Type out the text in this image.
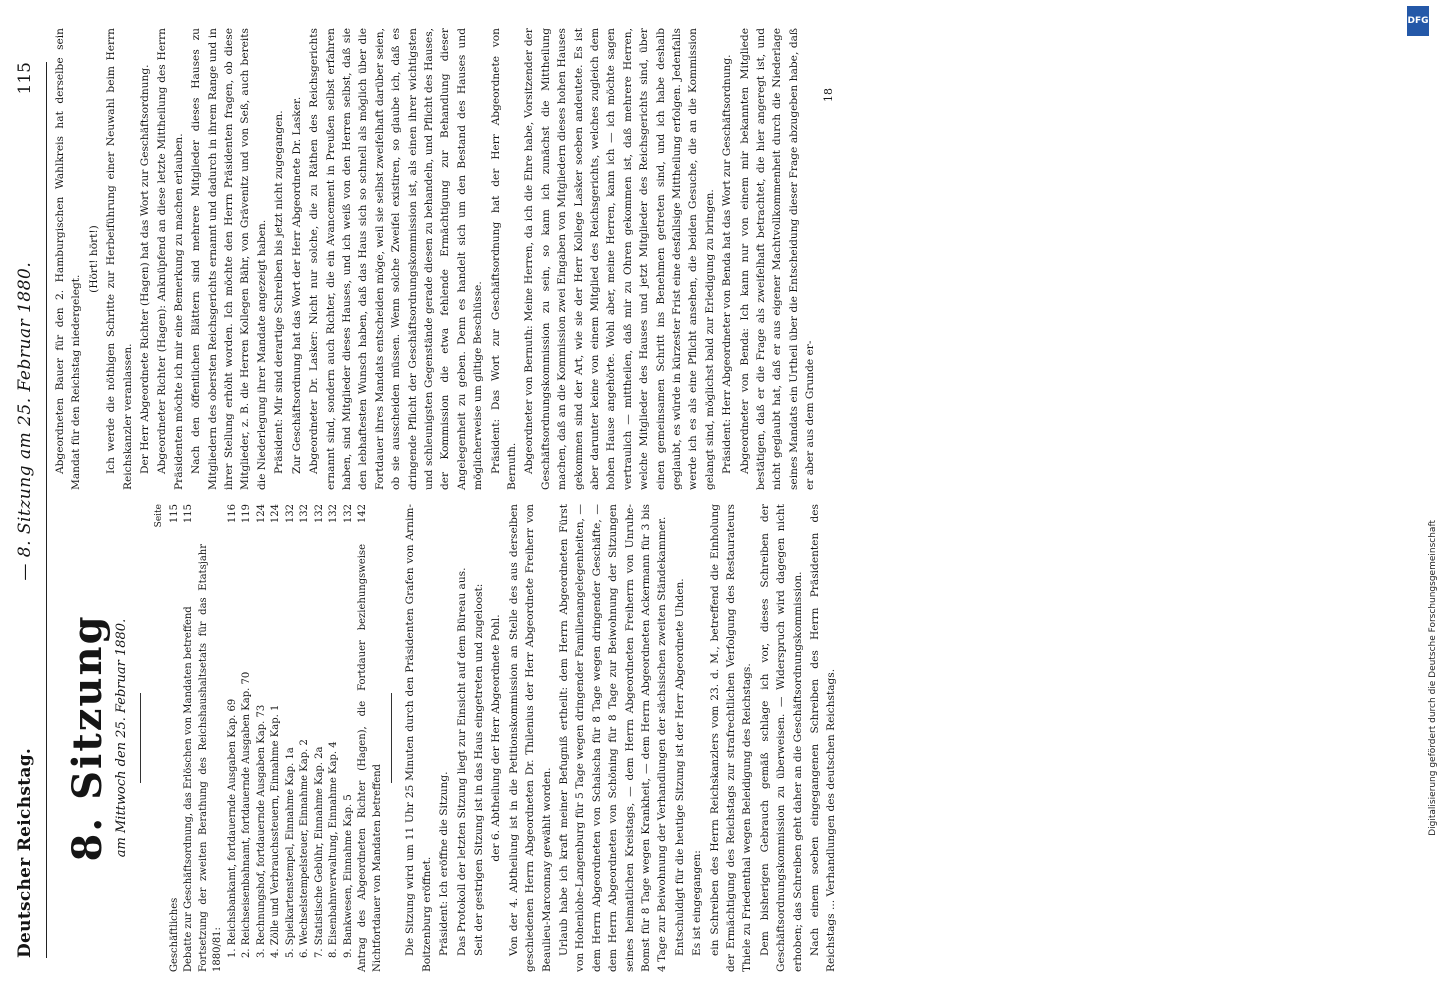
Deutscher Reichstag.
— 8. Sitzung am 25. Februar 1880.
115
8. Sitzung am Mittwoch den 25. Februar 1880.
Seite
Geschäftliches
115
Debatte zur Geschäftsordnung, das Erlöschen von Mandaten betreffend
115
Fortsetzung der zweiten Berathung des Reichshaushaltsetats für das Etatsjahr 1880/81: 1. Reichsbankamt, fortdauernde Ausgaben Kap. 69
116
2. Reichseisenbahnamt, fortdauernde Ausgaben Kap. 70
119
3. Rechnungshof, fortdauernde Ausgaben Kap. 73
124
4. Zölle und Verbrauchssteuern, Einnahme Kap. 1
124
5. Spielkartenstempel, Einnahme Kap. 1a
132
6. Wechselstempelsteuer, Einnahme Kap. 2
132
7. Statistische Gebühr, Einnahme Kap. 2a
132
8. Eisenbahnverwaltung, Einnahme Kap. 4
132
9. Bankwesen, Einnahme Kap. 5
132
Antrag des Abgeordneten Richter (Hagen), die Fortdauer beziehungsweise Nichtfortdauer von Mandaten betreffend
142	Die Sitzung wird um 11 Uhr 25 Minuten durch den Präsidenten Grafen von Arnim-Boitzenburg eröffnet. Präsident: Ich eröffne die Sitzung. Das Protokoll der letzten Sitzung liegt zur Einsicht auf dem Büreau aus. Seit der gestrigen Sitzung ist in das Haus eingetreten und zugeloost: der 6. Abtheilung der Herr Abgeordnete Pohl. Von der 4. Abtheilung ist in die Petitionskommission an Stelle des aus derselben geschiedenen Herrn Abgeordneten Dr. Thilenius der Herr Abgeordnete Freiherr von Beaulieu-Marconnay gewählt worden. Urlaub habe ich kraft meiner Befugniß ertheilt: dem Herrn Abgeordneten Fürst von Hohenlohe-Langenburg für 5 Tage wegen dringender Familienangelegenheiten, — dem Herrn Abgeordneten von Schalscha für 8 Tage wegen dringender Geschäfte, — dem Herrn Abgeordneten von Schöning für 8 Tage zur Beiwohnung der Sitzungen seines heimatlichen Kreistags, — dem Herrn Abgeordneten Freiherrn von Unruhe-Bomst für 8 Tage wegen Krankheit, — dem Herrn Abgeordneten Ackermann für 3 bis 4 Tage zur Beiwohnung der Verhandlungen der sächsischen zweiten Ständekammer. Entschuldigt für die heutige Sitzung ist der Herr Abgeordnete Uhden. Es ist eingegangen: ein Schreiben des Herrn Reichskanzlers vom 23. d. M., betreffend die Einholung der Ermächtigung des Reichstags zur strafrechtlichen Verfolgung des Restaurateurs Thiele zu Friedenthal wegen Beleidigung des Reichstags. Dem bisherigen Gebrauch gemäß schlage ich vor, dieses Schreiben der Geschäftsordnungskommission zu überweisen. — Widerspruch wird dagegen nicht erhoben; das Schreiben geht daher an die Geschäftsordnungskommission. Nach einem soeben eingegangenen Schreiben des Herrn Präsidenten des Reichstags ... Verhandlungen des deutschen Reichstags.

Abgeordneten Bauer für den 2. Hamburgischen Wahlkreis hat derselbe sein Mandat für den Reichstag niedergelegt.

(Hört! hört!) Ich werde die nöthigen Schritte zur Herbeiführung einer Neuwahl beim Herrn Reichskanzler veranlassen. Der Herr Abgeordnete Richter (Hagen) hat das Wort zur Geschäftsordnung. Abgeordneter Richter (Hagen): Anknüpfend an diese letzte Mittheilung des Herrn Präsidenten möchte ich mir eine Bemerkung zu machen erlauben. Nach den öffentlichen Blättern sind mehrere Mitglieder dieses Hauses zu Mitgliedern des obersten Reichsgerichts ernannt und dadurch in ihrem Range und in ihrer Stellung erhöht worden. Ich möchte den Herrn Präsidenten fragen, ob diese Mitglieder, z. B. die Herren Kollegen Bähr, von Grävenitz und von Seß, auch bereits die Niederlegung ihrer Mandate angezeigt haben. Präsident: Mir sind derartige Schreiben bis jetzt nicht zugegangen. Zur Geschäftsordnung hat das Wort der Herr Abgeordnete Dr. Lasker. Abgeordneter Dr. Lasker: Nicht nur solche, die zu Räthen des Reichsgerichts ernannt sind, sondern auch Richter, die ein Avancement in Preußen selbst erfahren haben, sind Mitglieder dieses Hauses, und ich weiß von den Herren selbst, daß sie den lebhaftesten Wunsch haben, daß das Haus sich so schnell als möglich über die Fortdauer ihres Mandats entscheiden möge, weil sie selbst zweifelhaft darüber seien, ob sie ausscheiden müssen. Wenn solche Zweifel existiren, so glaube ich, daß es dringende Pflicht der Geschäftsordnungskommission ist, als einen ihrer wichtigsten und schleunigsten Gegenstände gerade diesen zu behandeln, und Pflicht des Hauses, der Kommission die etwa fehlende Ermächtigung zur Behandlung dieser Angelegenheit zu geben. Denn es handelt sich um den Bestand des Hauses und möglicherweise um giltige Beschlüsse. Präsident: Das Wort zur Geschäftsordnung hat der Herr Abgeordnete von Bernuth. Abgeordneter von Bernuth: Meine Herren, da ich die Ehre habe, Vorsitzender der Geschäftsordnungskommission zu sein, so kann ich zunächst die Mittheilung machen, daß an die Kommission zwei Eingaben von Mitgliedern dieses hohen Hauses gekommen sind der Art, wie sie der Herr Kollege Lasker soeben andeutete. Es ist aber darunter keine von einem Mitglied des Reichsgerichts, welches zugleich dem hohen Hause angehörte. Wohl aber, meine Herren, kann ich — ich möchte sagen vertraulich — mittheilen, daß mir zu Ohren gekommen ist, daß mehrere Herren, welche Mitglieder des Hauses und jetzt Mitglieder des Reichsgerichts sind, über einen gemeinsamen Schritt ins Benehmen getreten sind, und ich habe deshalb geglaubt, es würde in kürzester Frist eine desfallsige Mittheilung erfolgen. Jedenfalls werde ich es als eine Pflicht ansehen, die beiden Gesuche, die an die Kommission gelangt sind, möglichst bald zur Erledigung zu bringen. Präsident: Herr Abgeordneter von Benda hat das Wort zur Geschäftsordnung. Abgeordneter von Benda: Ich kann nur von einem mir bekannten Mitgliede bestätigen, daß er die Frage als zweifelhaft betrachtet, die hier angeregt ist, und nicht geglaubt hat, daß er aus eigener Machtvollkommenheit durch die Niederlage seines Mandats ein Urtheil über die Entscheidung dieser Frage abzugeben habe, daß er aber aus dem Grunde er-

18
DFG
Digitalisierung gefördert durch die Deutsche Forschungsgemeinschaft
